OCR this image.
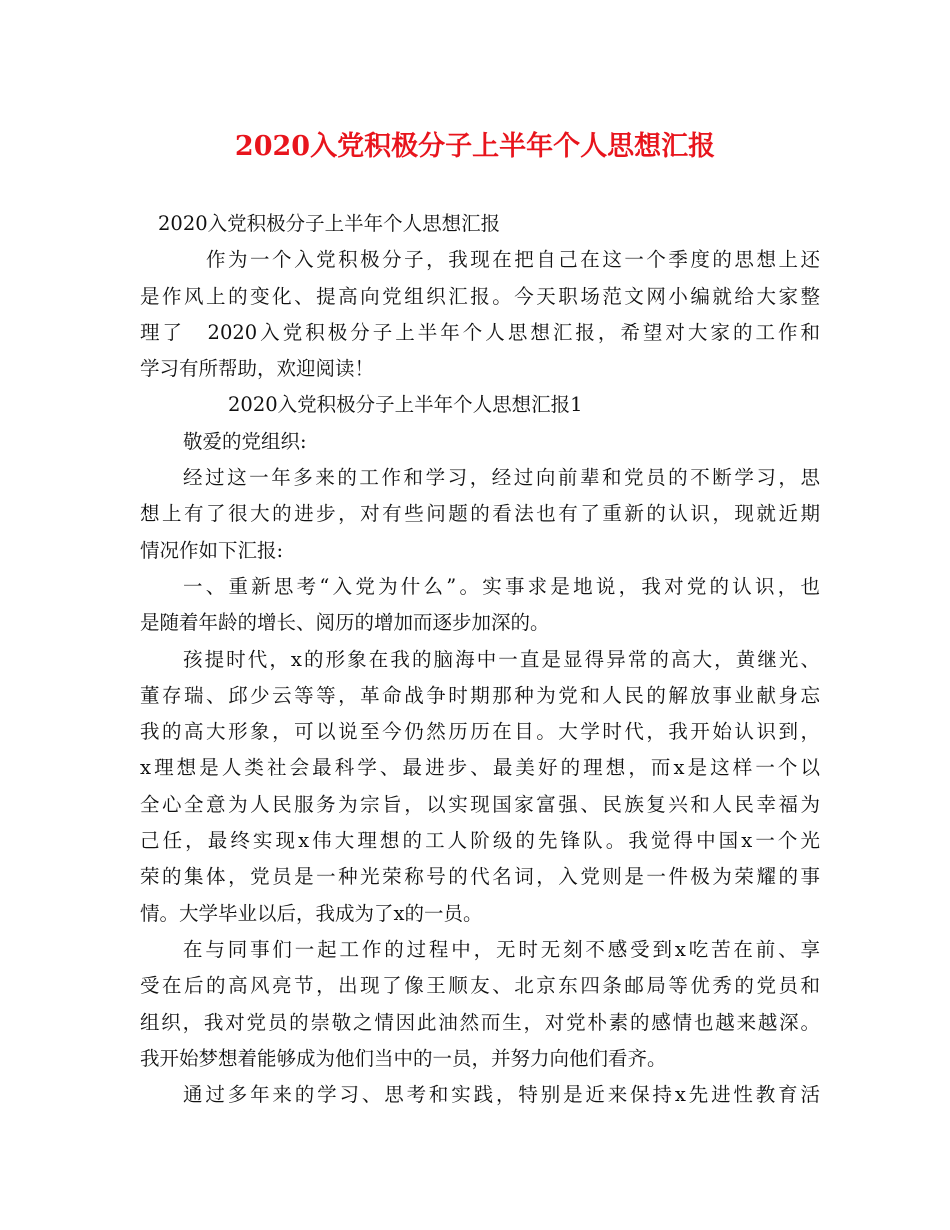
2020入党积极分子上半年个人思想汇报
2020入党积极分子上半年个人思想汇报
作为一个入党积极分子，我现在把自己在这一个季度的思想上还
是作风上的变化、提高向党组织汇报。今天职场范文网小编就给大家整
理了　2020入党积极分子上半年个人思想汇报，希望对大家的工作和
学习有所帮助，欢迎阅读！
2020入党积极分子上半年个人思想汇报1
敬爱的党组织:
经过这一年多来的工作和学习，经过向前辈和党员的不断学习，思
想上有了很大的进步，对有些问题的看法也有了重新的认识，现就近期
情况作如下汇报:
一、重新思考“入党为什么”。实事求是地说，我对党的认识，也
是随着年龄的增长、阅历的增加而逐步加深的。
孩提时代，x的形象在我的脑海中一直是显得异常的高大，黄继光、
董存瑞、邱少云等等，革命战争时期那种为党和人民的解放事业献身忘
我的高大形象，可以说至今仍然历历在目。大学时代，我开始认识到，
x理想是人类社会最科学、最进步、最美好的理想，而x是这样一个以
全心全意为人民服务为宗旨，以实现国家富强、民族复兴和人民幸福为
己任，最终实现x伟大理想的工人阶级的先锋队。我觉得中国x一个光
荣的集体，党员是一种光荣称号的代名词，入党则是一件极为荣耀的事
情。大学毕业以后，我成为了x的一员。
在与同事们一起工作的过程中，无时无刻不感受到x吃苦在前、享
受在后的高风亮节，出现了像王顺友、北京东四条邮局等优秀的党员和
组织，我对党员的崇敬之情因此油然而生，对党朴素的感情也越来越深。
我开始梦想着能够成为他们当中的一员，并努力向他们看齐。
通过多年来的学习、思考和实践，特别是近来保持x先进性教育活
